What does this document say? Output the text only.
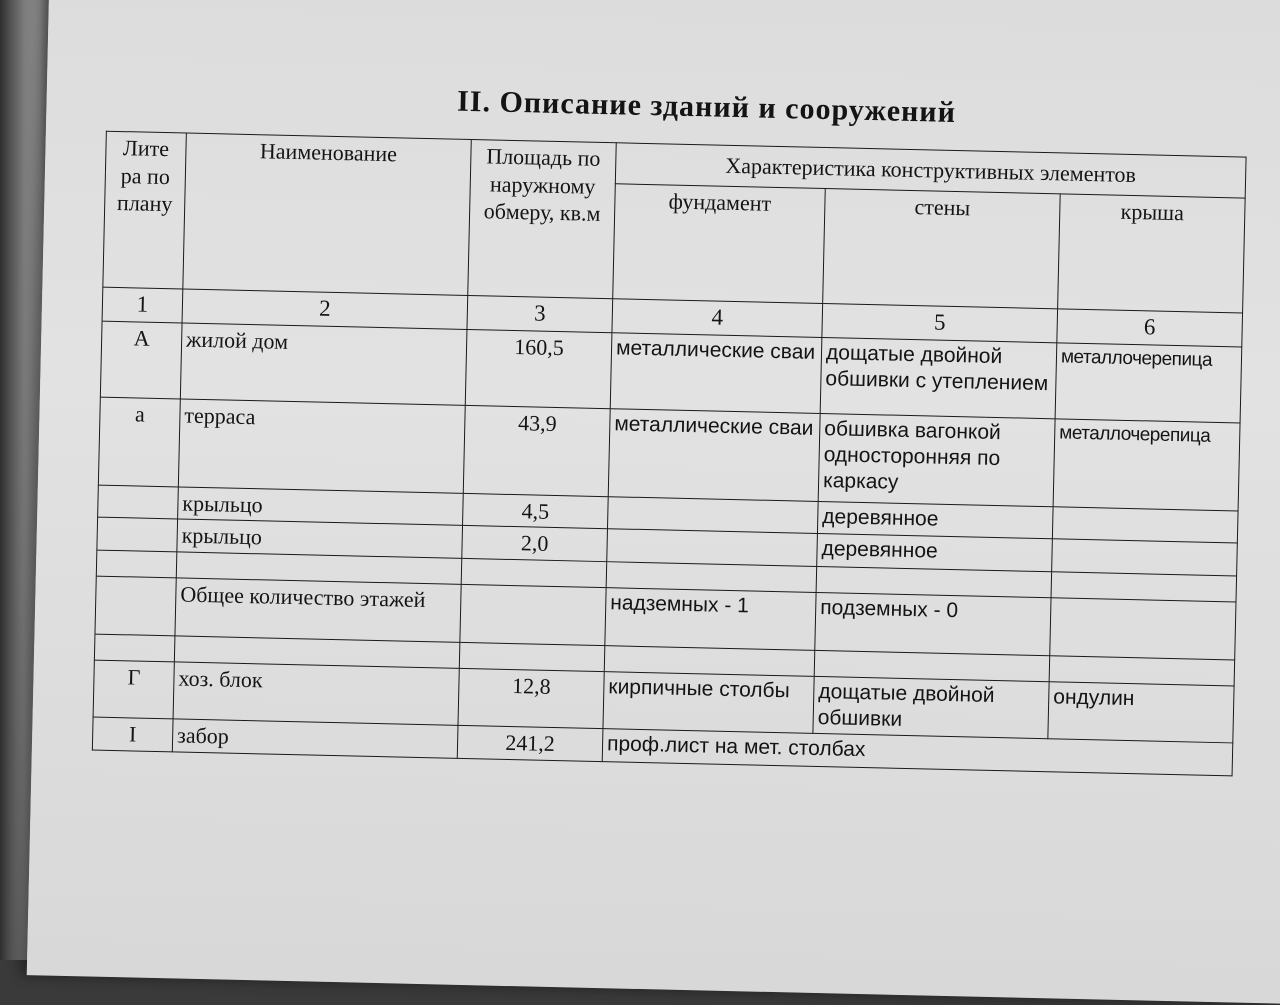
II. Описание зданий и сооружений
Лите ра по плану	Наименование	Площадь по наружному обмеру, кв.м	Характеристика конструктивных элементов		
			фундамент	стены	крыша
1	2	3	4	5	6
А	жилой дом	160,5	металлические сваи	дощатые двойной обшивки с утеплением	металлочерепица
а	терраса	43,9	металлические сваи	обшивка вагонкой односторонняя по каркасу	металлочерепица
	крыльцо	4,5		деревянное	
	крыльцо	2,0		деревянное	

	Общее количество этажей		надземных - 1	подземных - 0	

Г	хоз. блок	12,8	кирпичные столбы	дощатые двойной обшивки	ондулин
I	забор	241,2	проф.лист на мет. столбах		
